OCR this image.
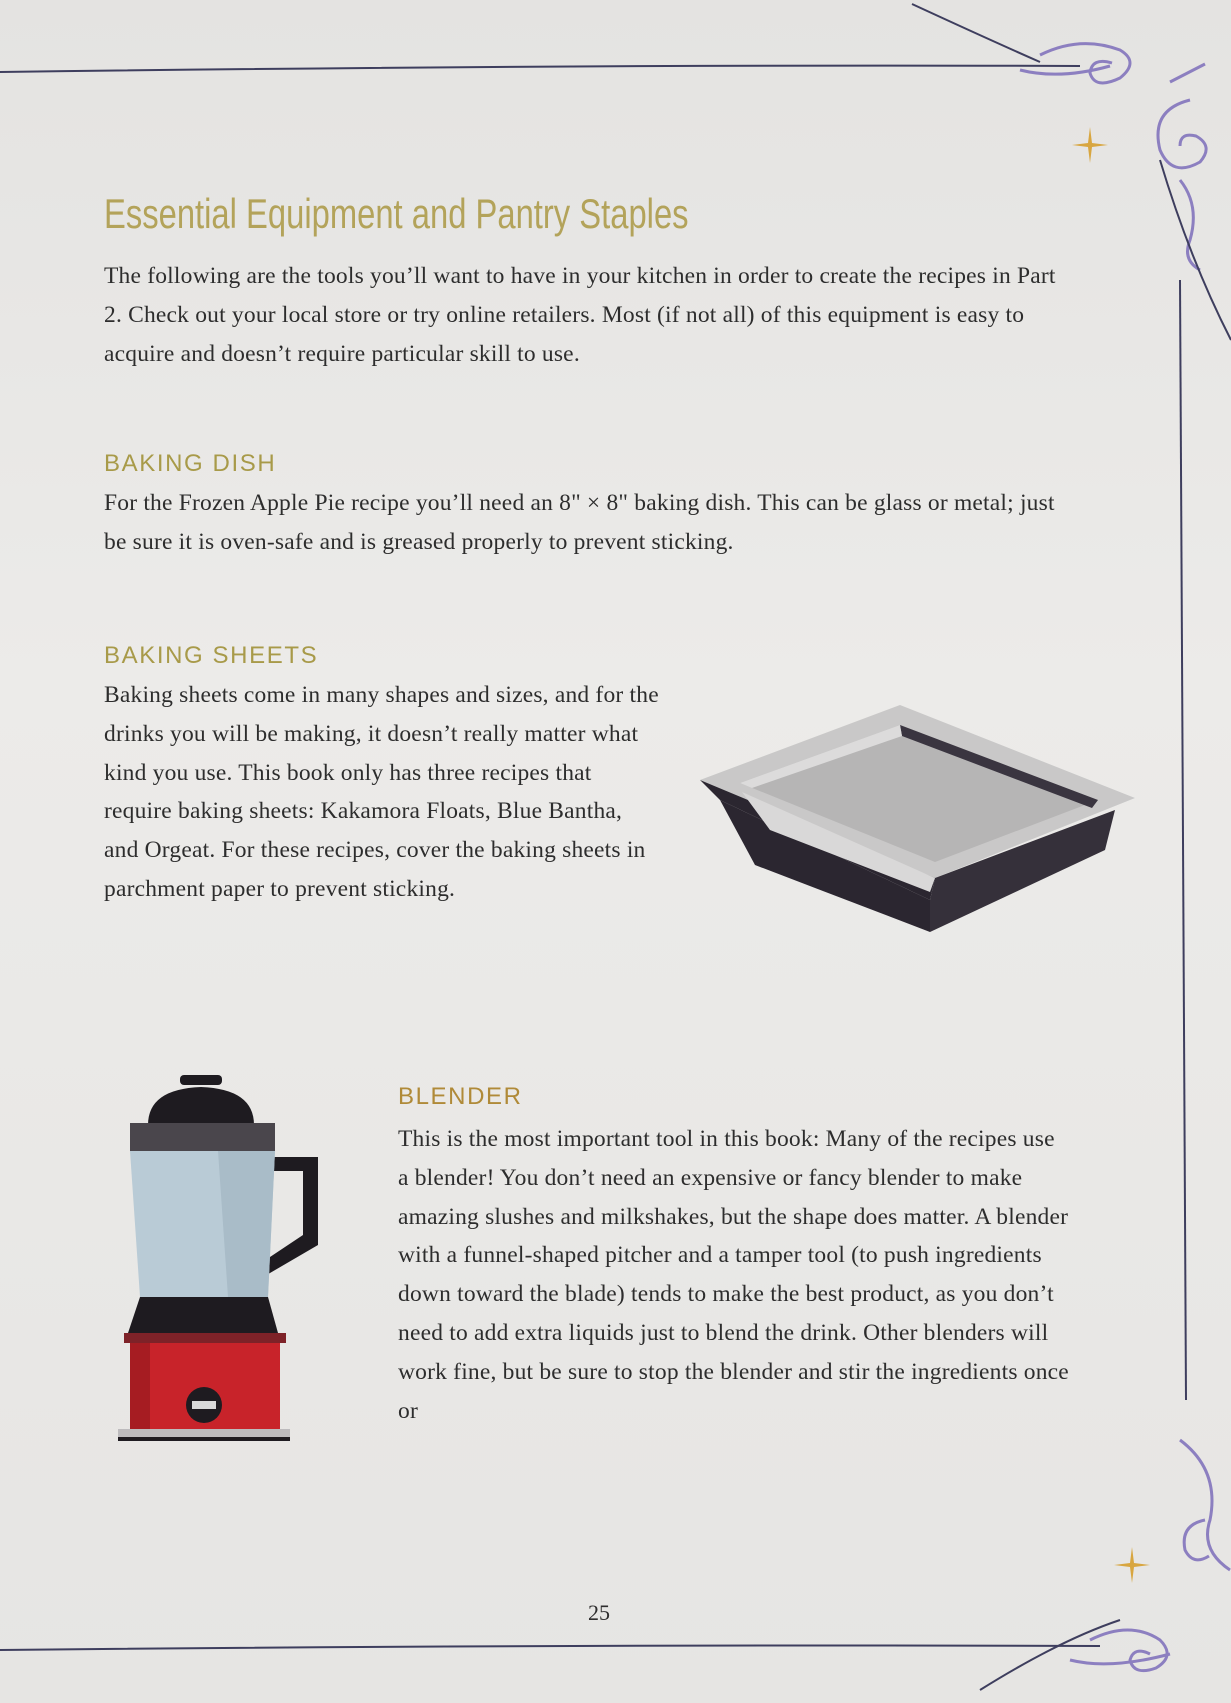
Essential Equipment and Pantry Staples

The following are the tools you’ll want to have in your kitchen in order to create the recipes in Part 2. Check out your local store or try online retailers. Most (if not all) of this equipment is easy to acquire and doesn’t require particular skill to use.

BAKING DISH

For the Frozen Apple Pie recipe you’ll need an 8" × 8" baking dish. This can be glass or metal; just be sure it is oven-safe and is greased properly to prevent sticking.

BAKING SHEETS

Baking sheets come in many shapes and sizes, and for the drinks you will be making, it doesn’t really matter what kind you use. This book only has three recipes that require baking sheets: Kakamora Floats, Blue Bantha, and Orgeat. For these recipes, cover the baking sheets in parchment paper to prevent sticking.

BLENDER

This is the most important tool in this book: Many of the recipes use a blender! You don’t need an expensive or fancy blender to make amazing slushes and milkshakes, but the shape does matter. A blender with a funnel-shaped pitcher and a tamper tool (to push ingredients down toward the blade) tends to make the best product, as you don’t need to add extra liquids just to blend the drink. Other blenders will work fine, but be sure to stop the blender and stir the ingredients once or

25
